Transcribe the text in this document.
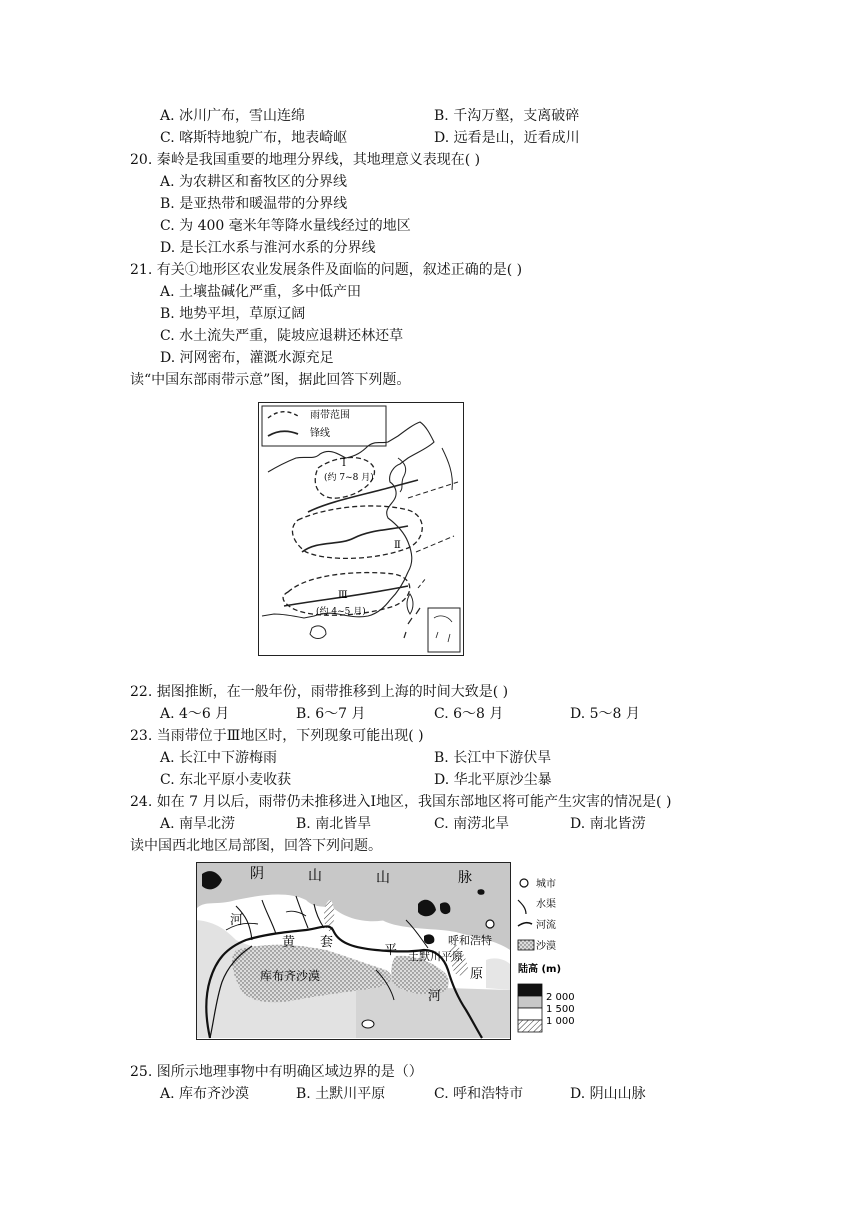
A. 冰川广布，雪山连绵	B. 千沟万壑，支离破碎
C. 喀斯特地貌广布，地表崎岖	D. 远看是山，近看成川
20. 秦岭是我国重要的地理分界线，其地理意义表现在( )
A. 为农耕区和畜牧区的分界线
B. 是亚热带和暖温带的分界线
C. 为 400 毫米年等降水量线经过的地区
D. 是长江水系与淮河水系的分界线
21. 有关①地形区农业发展条件及面临的问题，叙述正确的是( )
A. 土壤盐碱化严重，多中低产田
B. 地势平坦，草原辽阔
C. 水土流失严重，陡坡应退耕还林还草
D. 河网密布，灌溉水源充足
读“中国东部雨带示意”图，据此回答下列题。
雨带范围
锋线
Ⅰ
(约 7~8 月)
Ⅱ
Ⅲ
(约 4~5 月)
22. 据图推断，在一般年份，雨带推移到上海的时间大致是( )
A. 4～6 月	B. 6～7 月	C. 6～8 月	D. 5～8 月
23. 当雨带位于Ⅲ地区时，下列现象可能出现( )
A. 长江中下游梅雨	B. 长江中下游伏旱
C. 东北平原小麦收获	D. 华北平原沙尘暴
24. 如在 7 月以后，雨带仍未推移进入Ⅰ地区，我国东部地区将可能产生灾害的情况是( )
A. 南旱北涝	B. 南北皆旱	C. 南涝北旱	D. 南北皆涝
读中国西北地区局部图，回答下列问题。
阴	山	山	脉
河
黄 套
平
原
河
呼和浩特
土默川平原
库布齐沙漠
城市
水渠
河流
沙漠
陆高 (m)
2 000
1 500
1 000
25. 图所示地理事物中有明确区域边界的是（）
A. 库布齐沙漠	B. 土默川平原	C. 呼和浩特市	D. 阴山山脉
